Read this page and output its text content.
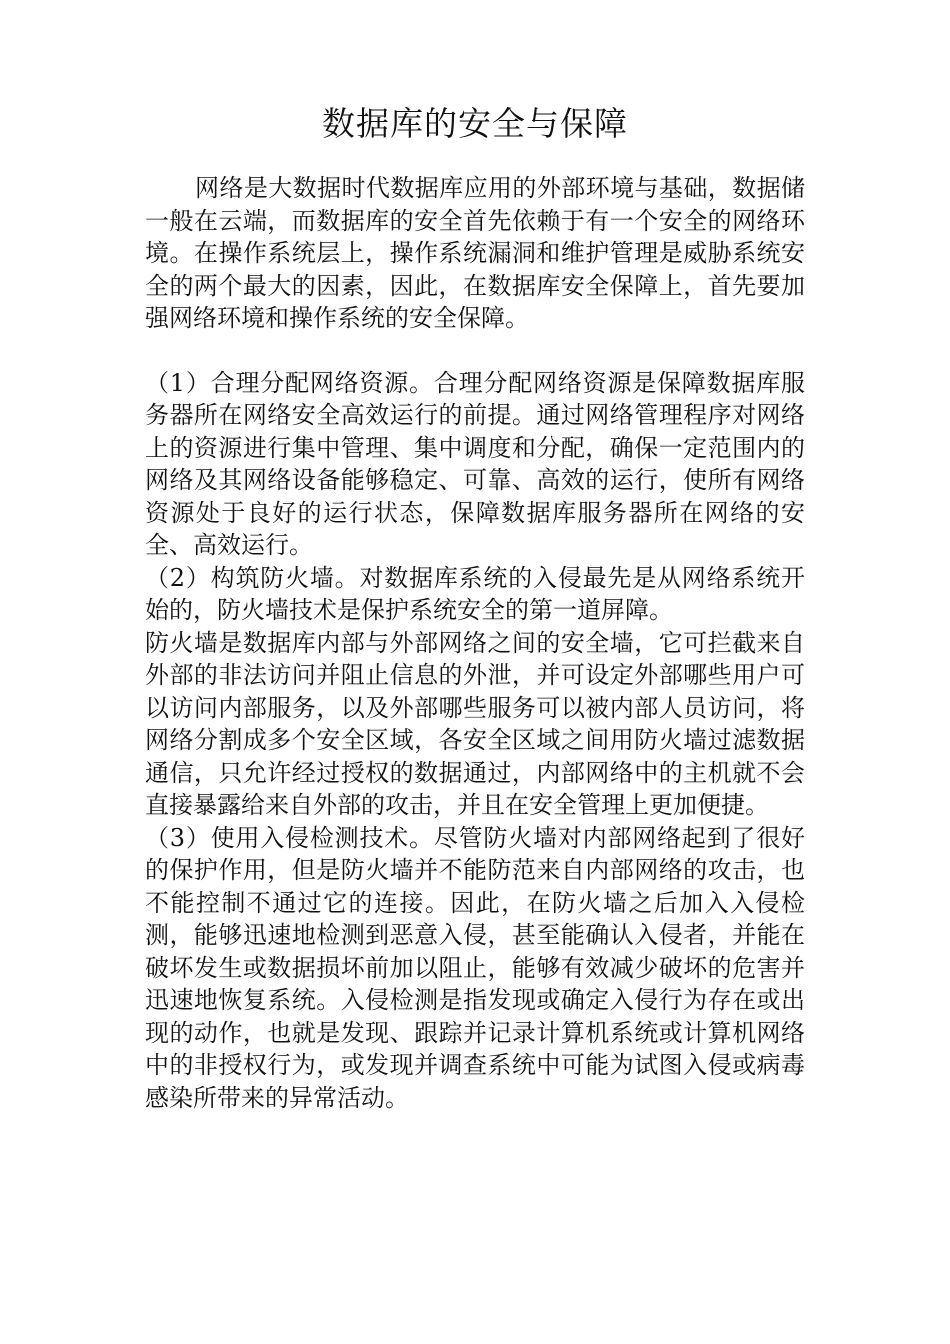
数据库的安全与保障

网络是大数据时代数据库应用的外部环境与基础，数据储一般在云端，而数据库的安全首先依赖于有一个安全的网络环境。在操作系统层上，操作系统漏洞和维护管理是威胁系统安全的两个最大的因素，因此，在数据库安全保障上，首先要加强网络环境和操作系统的安全保障。

（1）合理分配网络资源。合理分配网络资源是保障数据库服务器所在网络安全高效运行的前提。通过网络管理程序对网络上的资源进行集中管理、集中调度和分配，确保一定范围内的网络及其网络设备能够稳定、可靠、高效的运行，使所有网络资源处于良好的运行状态，保障数据库服务器所在网络的安全、高效运行。

（2）构筑防火墙。对数据库系统的入侵最先是从网络系统开始的，防火墙技术是保护系统安全的第一道屏障。

防火墙是数据库内部与外部网络之间的安全墙，它可拦截来自外部的非法访问并阻止信息的外泄，并可设定外部哪些用户可以访问内部服务，以及外部哪些服务可以被内部人员访问，将网络分割成多个安全区域，各安全区域之间用防火墙过滤数据通信，只允许经过授权的数据通过，内部网络中的主机就不会直接暴露给来自外部的攻击，并且在安全管理上更加便捷。

（3）使用入侵检测技术。尽管防火墙对内部网络起到了很好的保护作用，但是防火墙并不能防范来自内部网络的攻击，也不能控制不通过它的连接。因此，在防火墙之后加入入侵检测，能够迅速地检测到恶意入侵，甚至能确认入侵者，并能在破坏发生或数据损坏前加以阻止，能够有效减少破坏的危害并迅速地恢复系统。入侵检测是指发现或确定入侵行为存在或出现的动作，也就是发现、跟踪并记录计算机系统或计算机网络中的非授权行为，或发现并调查系统中可能为试图入侵或病毒感染所带来的异常活动。
